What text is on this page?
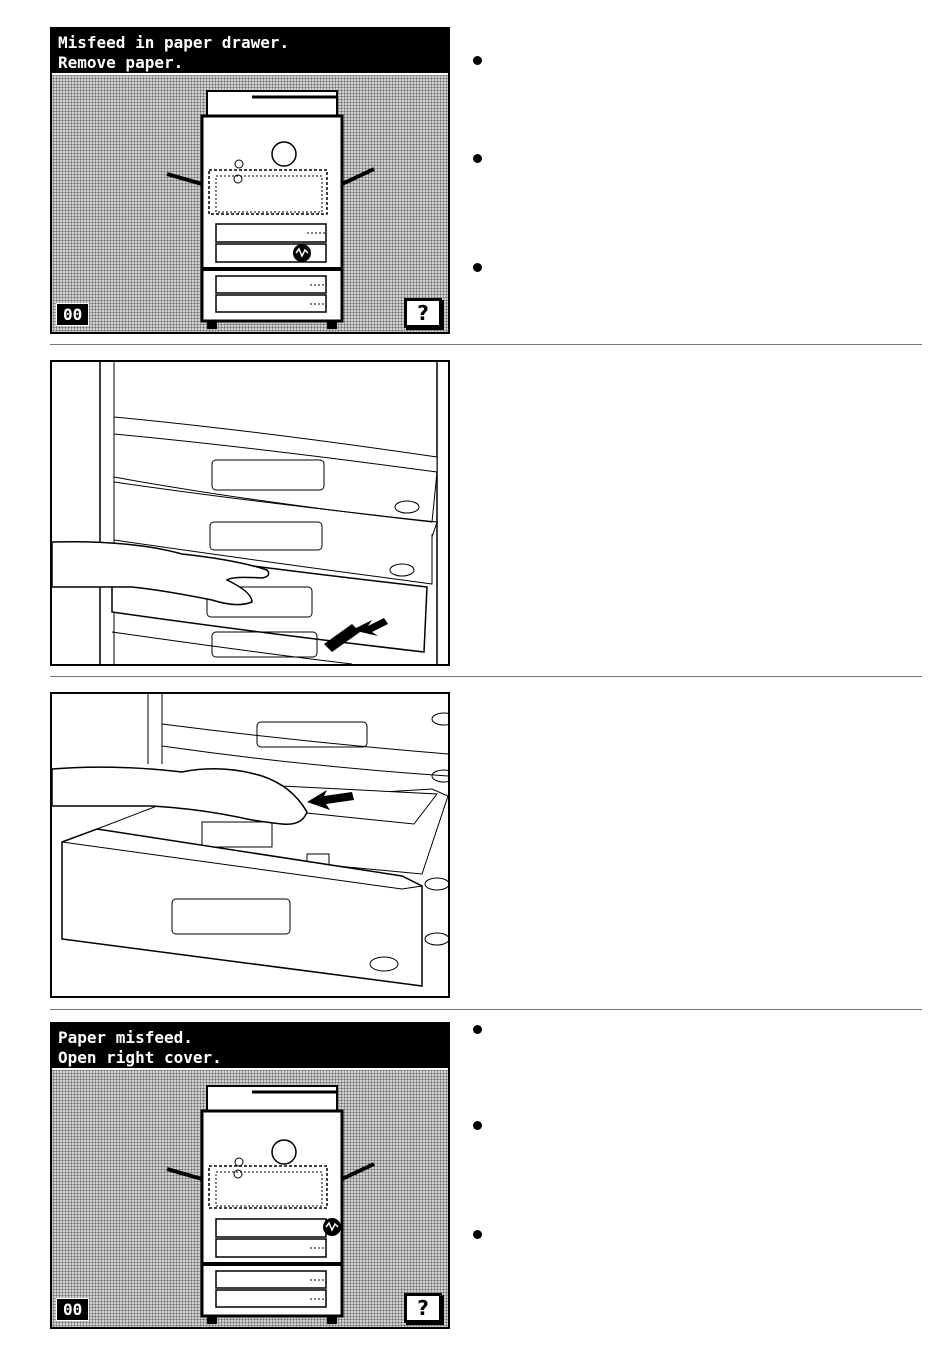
Misfeed in paper drawer.
Remove paper.
00	?
Paper misfeed.
Open right cover.
00	?
